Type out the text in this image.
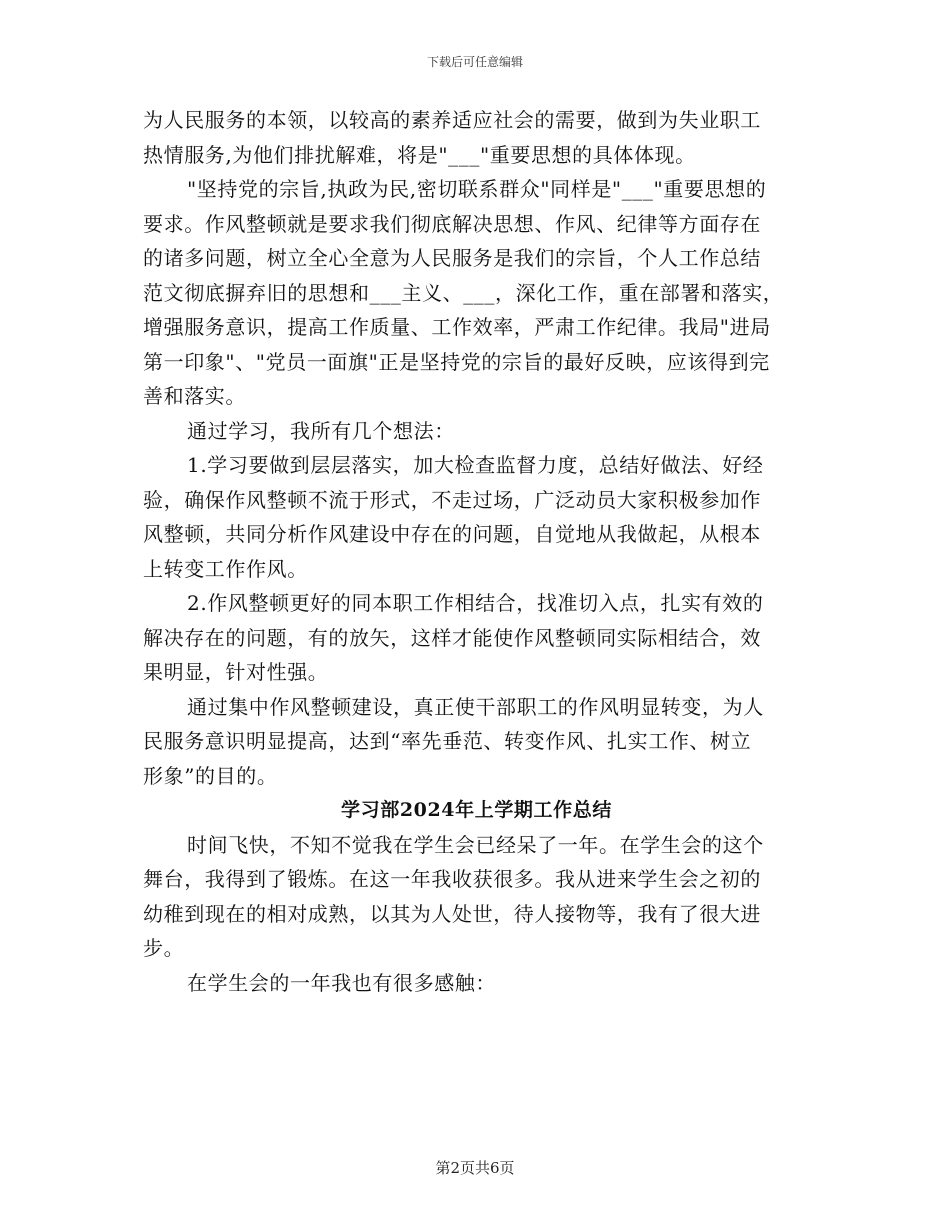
下载后可任意编辑
为人民服务的本领，以较高的素养适应社会的需要，做到为失业职工
热情服务,为他们排扰解难，将是"___"重要思想的具体体现。
"坚持党的宗旨,执政为民,密切联系群众"同样是"___"重要思想的
要求。作风整顿就是要求我们彻底解决思想、作风、纪律等方面存在
的诸多问题，树立全心全意为人民服务是我们的宗旨，个人工作总结
范文彻底摒弃旧的思想和___主义、___，深化工作，重在部署和落实，
增强服务意识，提高工作质量、工作效率，严肃工作纪律。我局"进局
第一印象"、"党员一面旗"正是坚持党的宗旨的最好反映，应该得到完
善和落实。
通过学习，我所有几个想法：
1.学习要做到层层落实，加大检查监督力度，总结好做法、好经
验，确保作风整顿不流于形式，不走过场，广泛动员大家积极参加作
风整顿，共同分析作风建设中存在的问题，自觉地从我做起，从根本
上转变工作作风。
2.作风整顿更好的同本职工作相结合，找准切入点，扎实有效的
解决存在的问题，有的放矢，这样才能使作风整顿同实际相结合，效
果明显，针对性强。
通过集中作风整顿建设，真正使干部职工的作风明显转变，为人
民服务意识明显提高，达到“率先垂范、转变作风、扎实工作、树立
形象”的目的。
学习部2024年上学期工作总结
时间飞快，不知不觉我在学生会已经呆了一年。在学生会的这个
舞台，我得到了锻炼。在这一年我收获很多。我从进来学生会之初的
幼稚到现在的相对成熟，以其为人处世，待人接物等，我有了很大进
步。
在学生会的一年我也有很多感触：
第2页共6页
